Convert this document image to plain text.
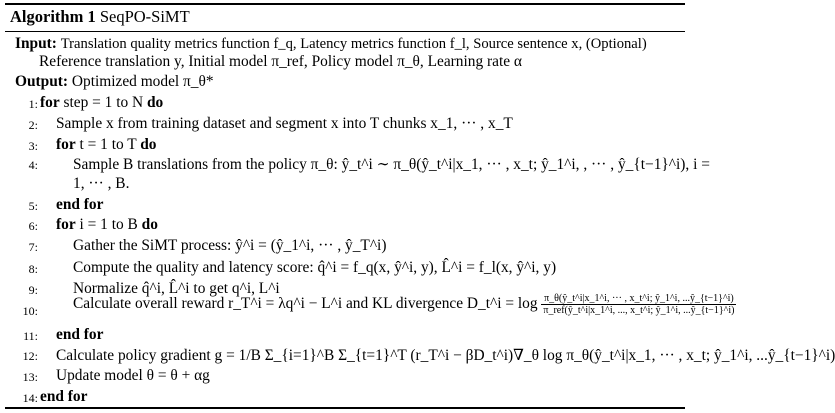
Algorithm 1 SeqPO-SiMT
Input: Translation quality metrics function f_q, Latency metrics function f_l, Source sentence x, (Optional)
Reference translation y, Initial model π_ref, Policy model π_θ, Learning rate α
Output: Optimized model π_θ*
1: for step = 1 to N do
2: Sample x from training dataset and segment x into T chunks x_1, ··· , x_T
3: for t = 1 to T do
4: Sample B translations from the policy π_θ: ŷ_t^i ∼ π_θ(ŷ_t^i|x_1, ··· , x_t; ŷ_1^i, , ··· , ŷ_{t−1}^i), i =
1, ··· , B.
5: end for
6: for i = 1 to B do
7: Gather the SiMT process: ŷ^i = (ŷ_1^i, ··· , ŷ_T^i)
8: Compute the quality and latency score: q̂^i = f_q(x, ŷ^i, y), L̂^i = f_l(x, ŷ^i, y)
9: Normalize q̂^i, L̂^i to get q^i, L^i
10: Calculate overall reward r_T^i = λq^i − L^i and KL divergence D_t^i = $\log \frac{\pi\_\theta(ŷ\_t\^{}i|x\_1\^{}i, \cdot\cdot\cdot , x\_t\^{}i; ŷ\_1\^{}i, ...ŷ\_\{t-1\}\^{}i)}{\text{π\_ref(ŷ\_t\textasciicircum{}i|x\_1\textasciicircum{}i, ..., x\_t\textasciicircum{}i; ŷ\_1\textasciicircum{}i, ...ŷ\_\{t−1\}\textasciicircum{}i)}}$
11: end for
12: Calculate policy gradient g = 1/B Σ_{i=1}^B Σ_{t=1}^T (r_T^i − βD_t^i)∇_θ log π_θ(ŷ_t^i|x_1, ··· , x_t; ŷ_1^i, ...ŷ_{t−1}^i)
13: Update model θ = θ + αg
14: end for
